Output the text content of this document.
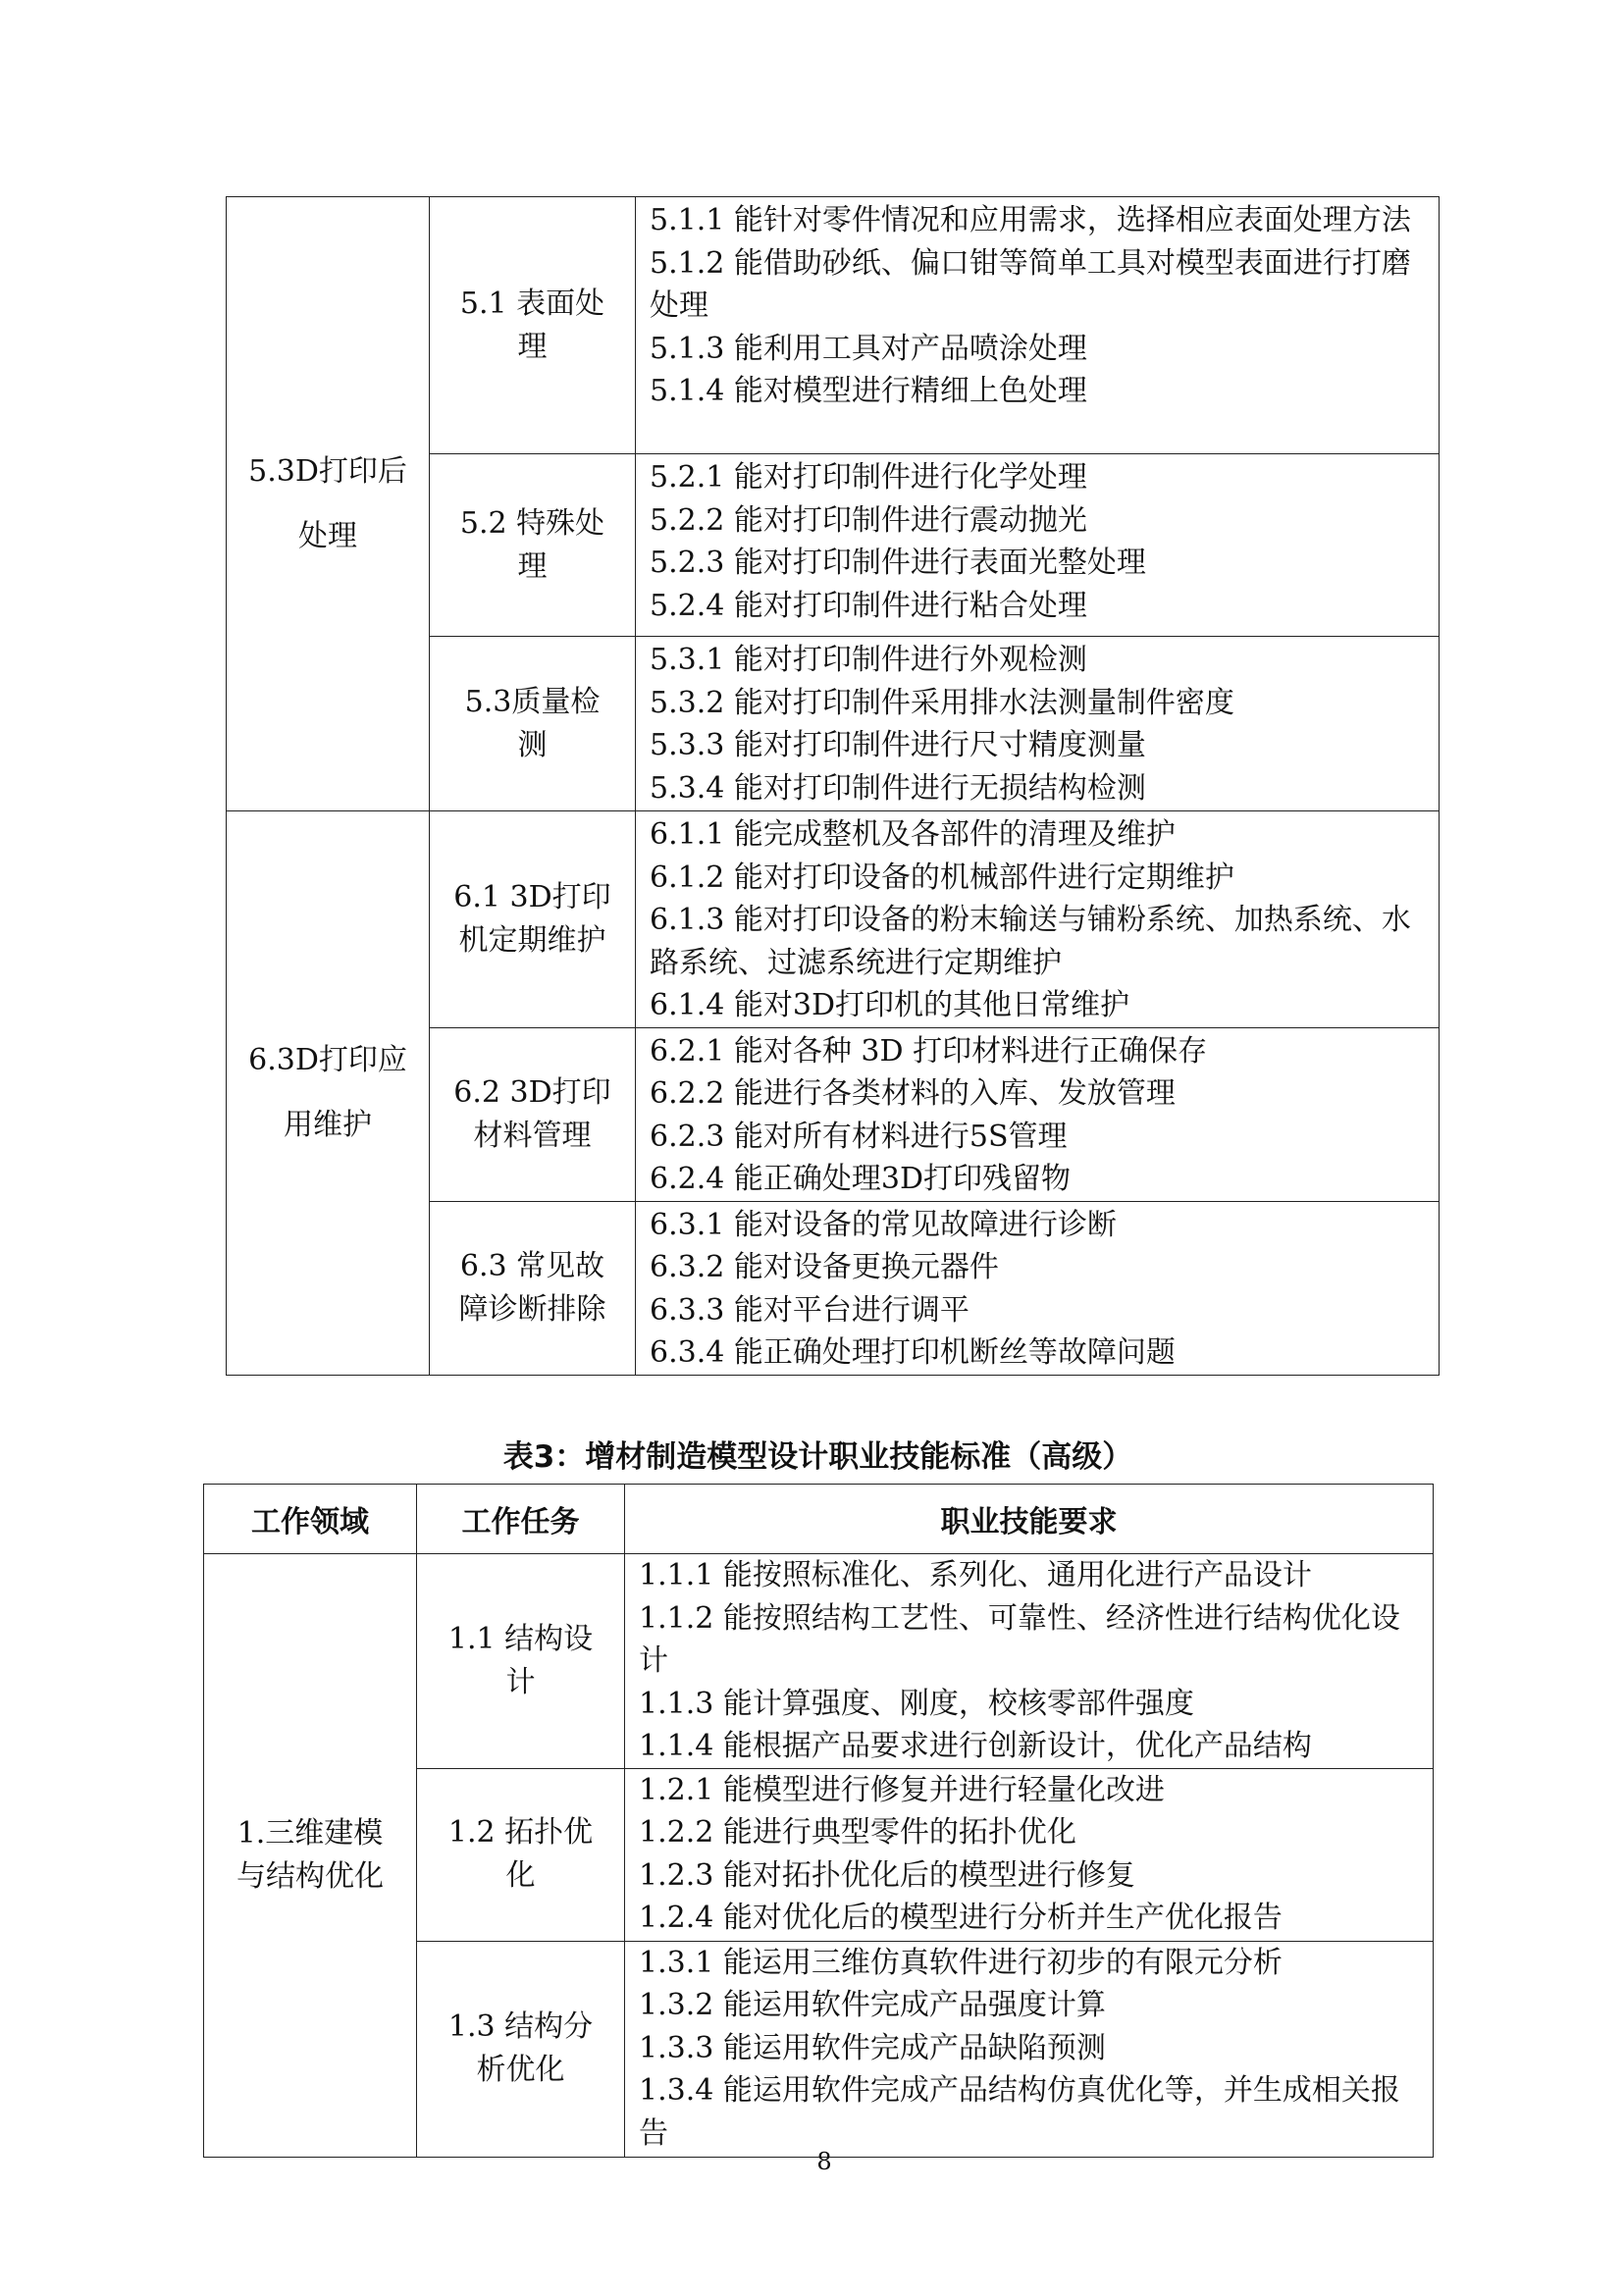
5.3D打印后处理	5.1 表面处理	5.1.1 能针对零件情况和应用需求，选择相应表面处理方法
5.1.2 能借助砂纸、偏口钳等简单工具对模型表面进行打磨处理
5.1.3 能利用工具对产品喷涂处理
5.1.4 能对模型进行精细上色处理

	5.2 特殊处理	5.2.1 能对打印制件进行化学处理
5.2.2 能对打印制件进行震动抛光
5.2.3 能对打印制件进行表面光整处理
5.2.4 能对打印制件进行粘合处理

	5.3质量检测	5.3.1 能对打印制件进行外观检测
5.3.2 能对打印制件采用排水法测量制件密度
5.3.3 能对打印制件进行尺寸精度测量
5.3.4 能对打印制件进行无损结构检测

6.3D打印应用维护	6.1 3D打印机定期维护	6.1.1 能完成整机及各部件的清理及维护
6.1.2 能对打印设备的机械部件进行定期维护
6.1.3 能对打印设备的粉末输送与铺粉系统、加热系统、水路系统、过滤系统进行定期维护
6.1.4 能对3D打印机的其他日常维护

	6.2 3D打印材料管理	6.2.1 能对各种 3D 打印材料进行正确保存
6.2.2 能进行各类材料的入库、发放管理
6.2.3 能对所有材料进行5S管理
6.2.4 能正确处理3D打印残留物

	6.3 常见故障诊断排除	6.3.1 能对设备的常见故障进行诊断
6.3.2 能对设备更换元器件
6.3.3 能对平台进行调平
6.3.4 能正确处理打印机断丝等故障问题
表3：增材制造模型设计职业技能标准（高级）
工作领域	工作任务	职业技能要求
1.三维建模与结构优化	1.1 结构设计	1.1.1 能按照标准化、系列化、通用化进行产品设计
1.1.2 能按照结构工艺性、可靠性、经济性进行结构优化设计
1.1.3 能计算强度、刚度，校核零部件强度
1.1.4 能根据产品要求进行创新设计，优化产品结构

	1.2 拓扑优化	1.2.1 能模型进行修复并进行轻量化改进
1.2.2 能进行典型零件的拓扑优化
1.2.3 能对拓扑优化后的模型进行修复
1.2.4 能对优化后的模型进行分析并生产优化报告

	1.3 结构分析优化	1.3.1 能运用三维仿真软件进行初步的有限元分析
1.3.2 能运用软件完成产品强度计算
1.3.3 能运用软件完成产品缺陷预测
1.3.4 能运用软件完成产品结构仿真优化等，并生成相关报告
8
